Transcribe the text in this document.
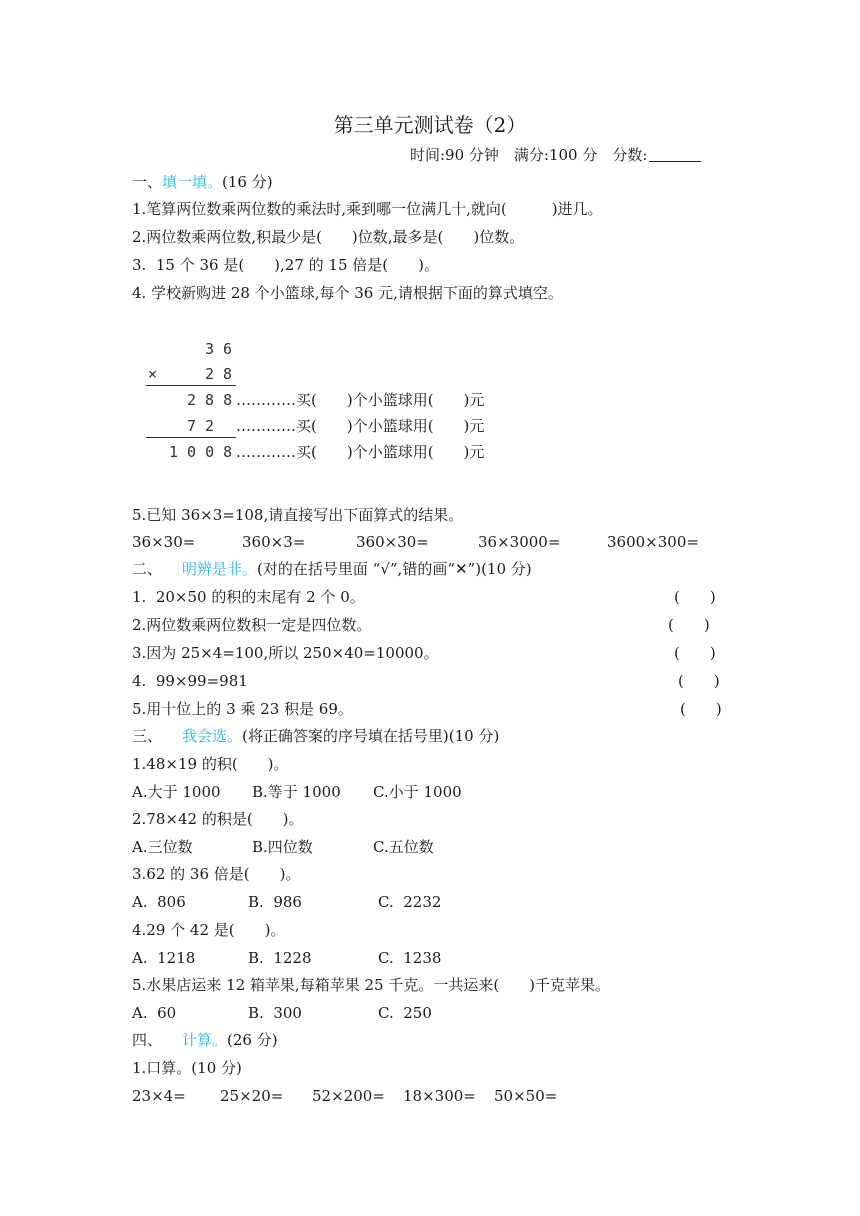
第三单元测试卷（2）
时间:90 分钟　满分:100 分　分数:
一、填一填。(16 分)
1.笔算两位数乘两位数的乘法时,乘到哪一位满几十,就向(　　　)进几。
2.两位数乘两位数,积最少是(　　)位数,最多是(　　)位数。
3.  15 个 36 是(　　),27 的 15 倍是(　　)。
4. 学校新购进 28 个小篮球,每个 36 元,请根据下面的算式填空。
3 6
×	2 8
2 8 8 …………买(　　)个小篮球用(　　)元
7 2 …………买(　　)个小篮球用(　　)元
1 0 0 8 …………买(　　)个小篮球用(　　)元
5.已知 36×3=108,请直接写出下面算式的结果。
36×30=	360×3=	360×30=	36×3000=	3600×300=
二、 明辨是非。(对的在括号里面 “√”,错的画“✕”)(10 分)
1.  20×50 的积的末尾有 2 个 0。	(　　)
2.两位数乘两位数积一定是四位数。	(　　)
3.因为 25×4=100,所以 250×40=10000。	(　　)
4.  99×99=981	(　　)
5.用十位上的 3 乘 23 积是 69。	(　　)
三、 我会选。(将正确答案的序号填在括号里)(10 分)
1.48×19 的积(　　)。
A.大于 1000 B.等于 1000 C.小于 1000
2.78×42 的积是(　　)。
A.三位数	B.四位数	C.五位数
3.62 的 36 倍是(　　)。
A.  806	B.  986	C.  2232
4.29 个 42 是(　　)。
A.  1218	B.  1228	C.  1238
5.水果店运来 12 箱苹果,每箱苹果 25 千克。一共运来(　　)千克苹果。
A.  60	B.  300	C.  250
四、 计算。(26 分)
1.口算。(10 分)
23×4= 25×20= 52×200= 18×300= 50×50=
